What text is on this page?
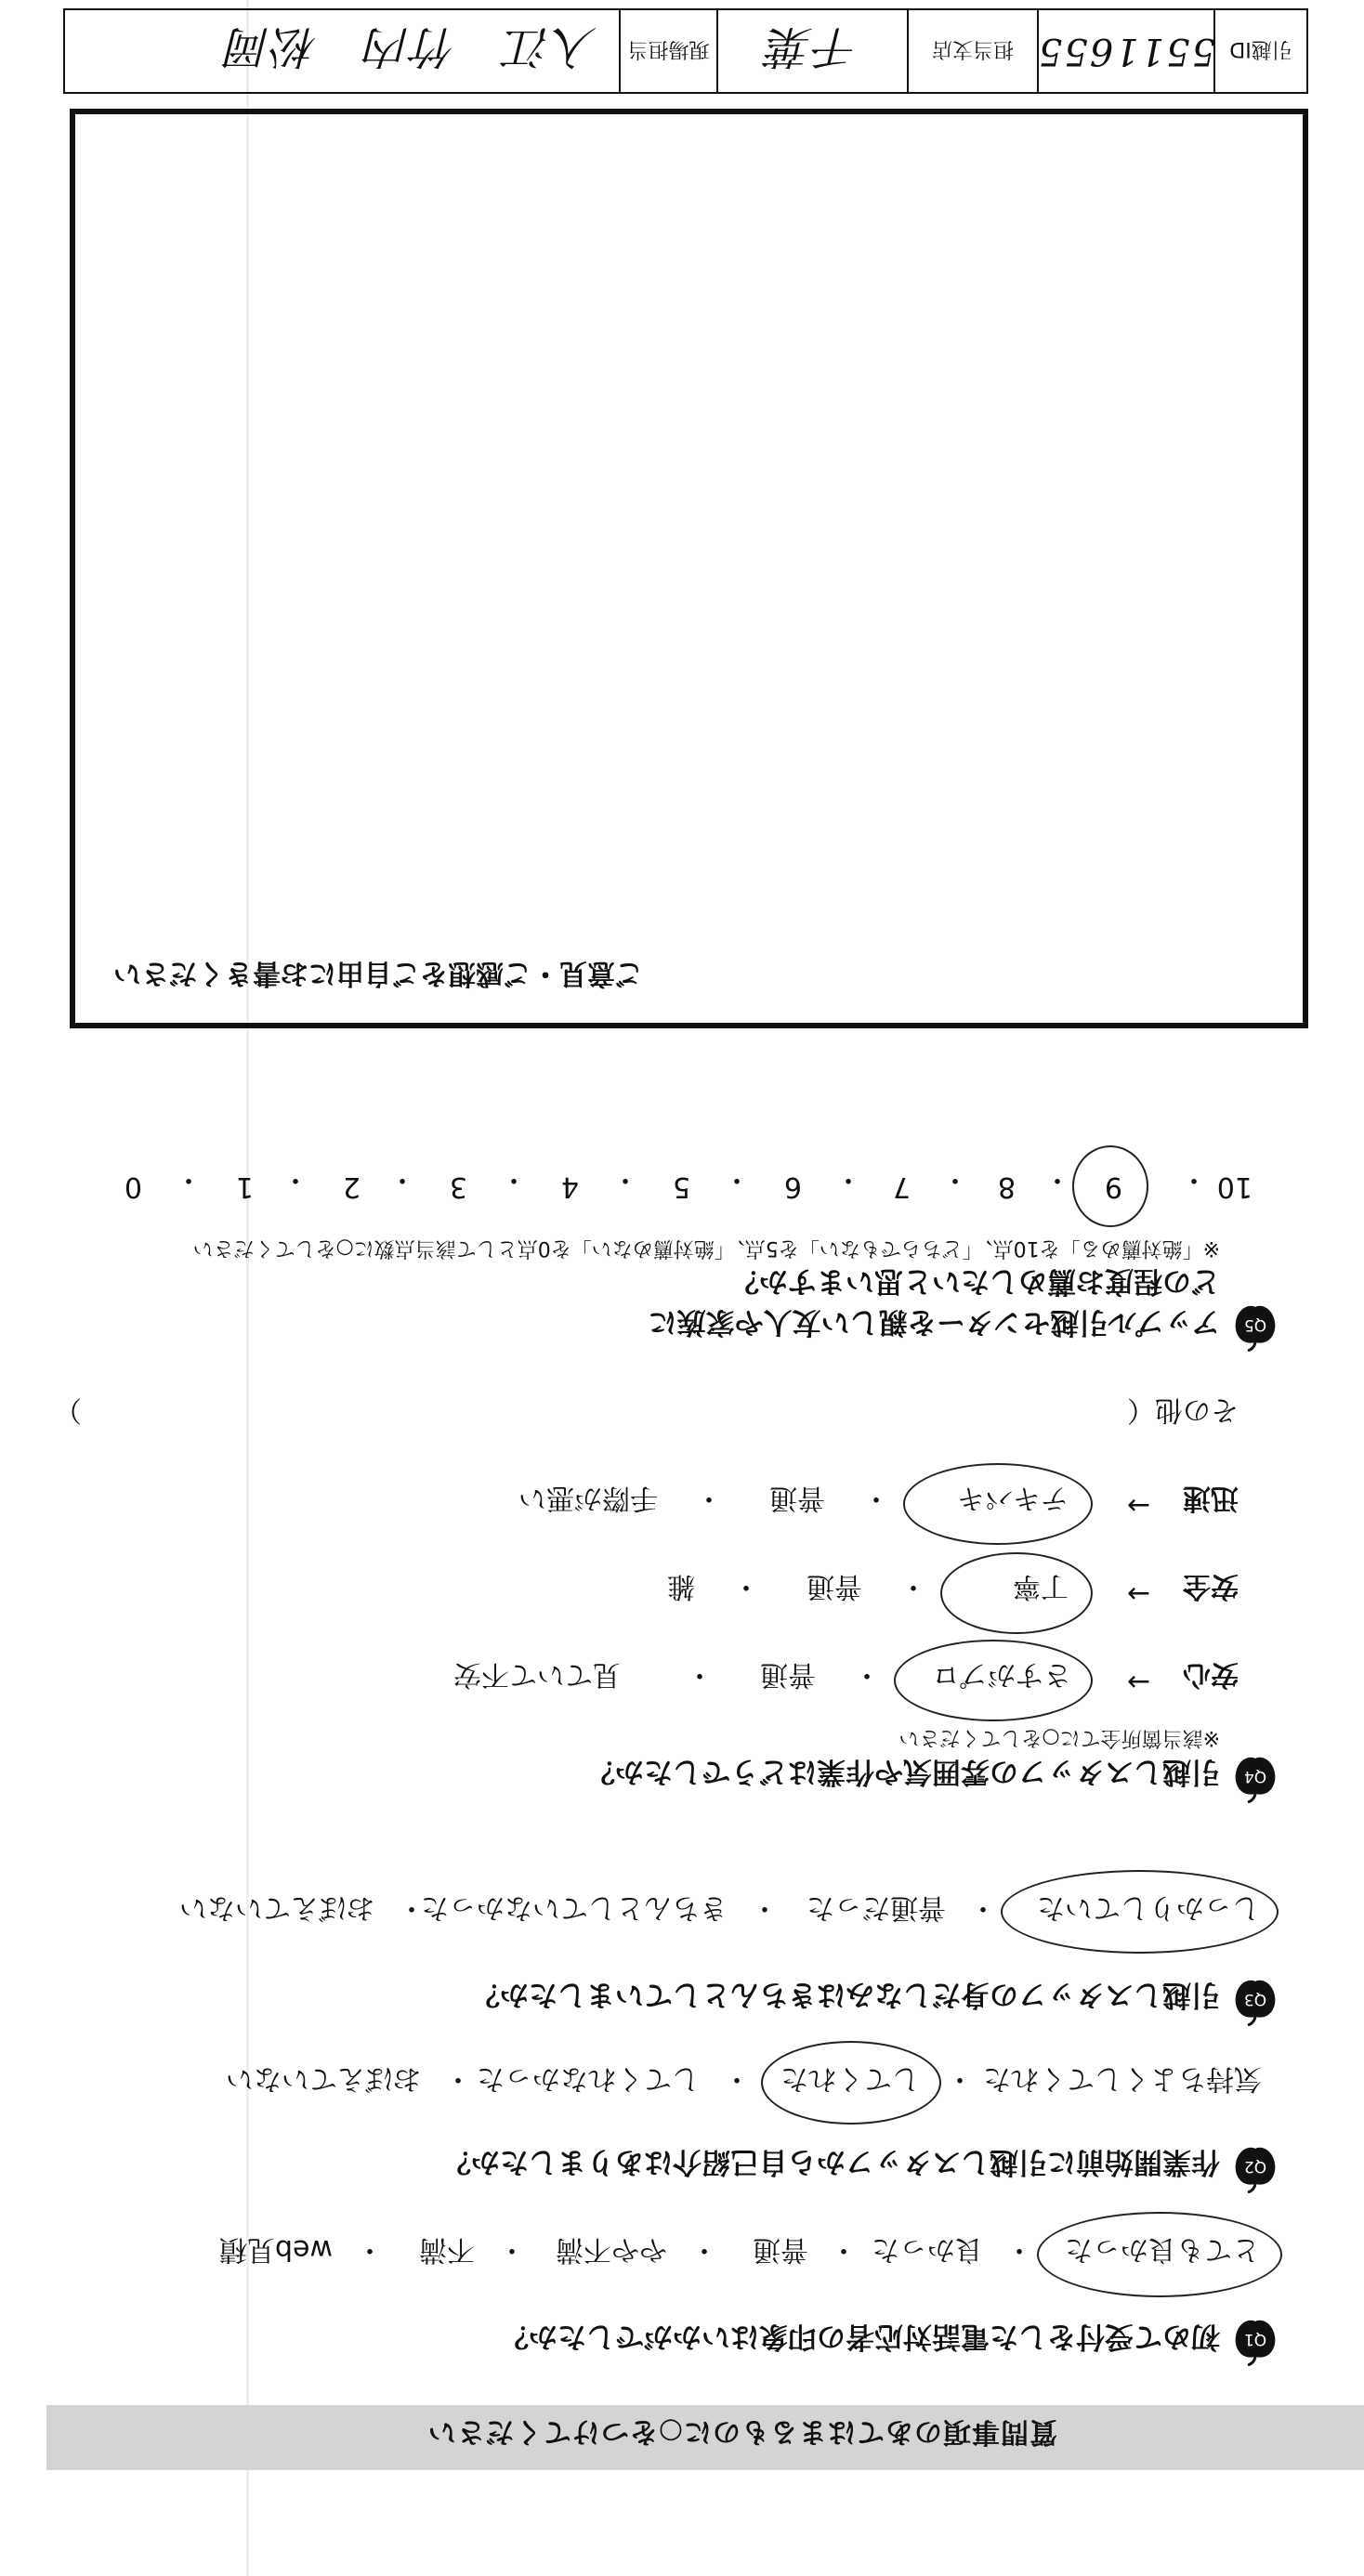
質問事項のあてはまるものに○をつけてください
Q1
初めて受付をした電話対応者の印象はいかがでしたか？
とても良かった
・
良かった
・
普通
・
やや不満
・
不満
・
web見積
Q2
作業開始前に引越しスタッフから自己紹介はありましたか？
気持ちよくしてくれた
・
してくれた
・
してくれなかった
・
おぼえていない
Q3
引越しスタッフの身だしなみはきちんとしていましたか？
しっかりしていた
・
普通だった
・
きちんとしていなかった
・
おぼえていない
Q4
引越しスタッフの雰囲気や作業はどうでしたか？
※該当箇所全てに○をしてください
安心
→
さすがプロ
・
普通
・
見ていて不安
安全
→
丁寧
・
普通
・
雑
迅速
→
テキパキ
・
普通
・
手際が悪い
その他（
）
Q5
アップル引越センターを親しい友人や家族に
どの程度お薦めしたいと思いますか？
※「絶対薦める」を10点、「どちらでもない」を5点、「絶対薦めない」を0点として該当点数に○をしてください
10
・
9
・
8
・
7
・
6
・
5
・
4
・
3
・
2
・
1
・
0
ご意見・ご感想をご自由にお書きください
引越ID
5511655
担当支店
千葉
現場担当
入江　竹内　松岡
